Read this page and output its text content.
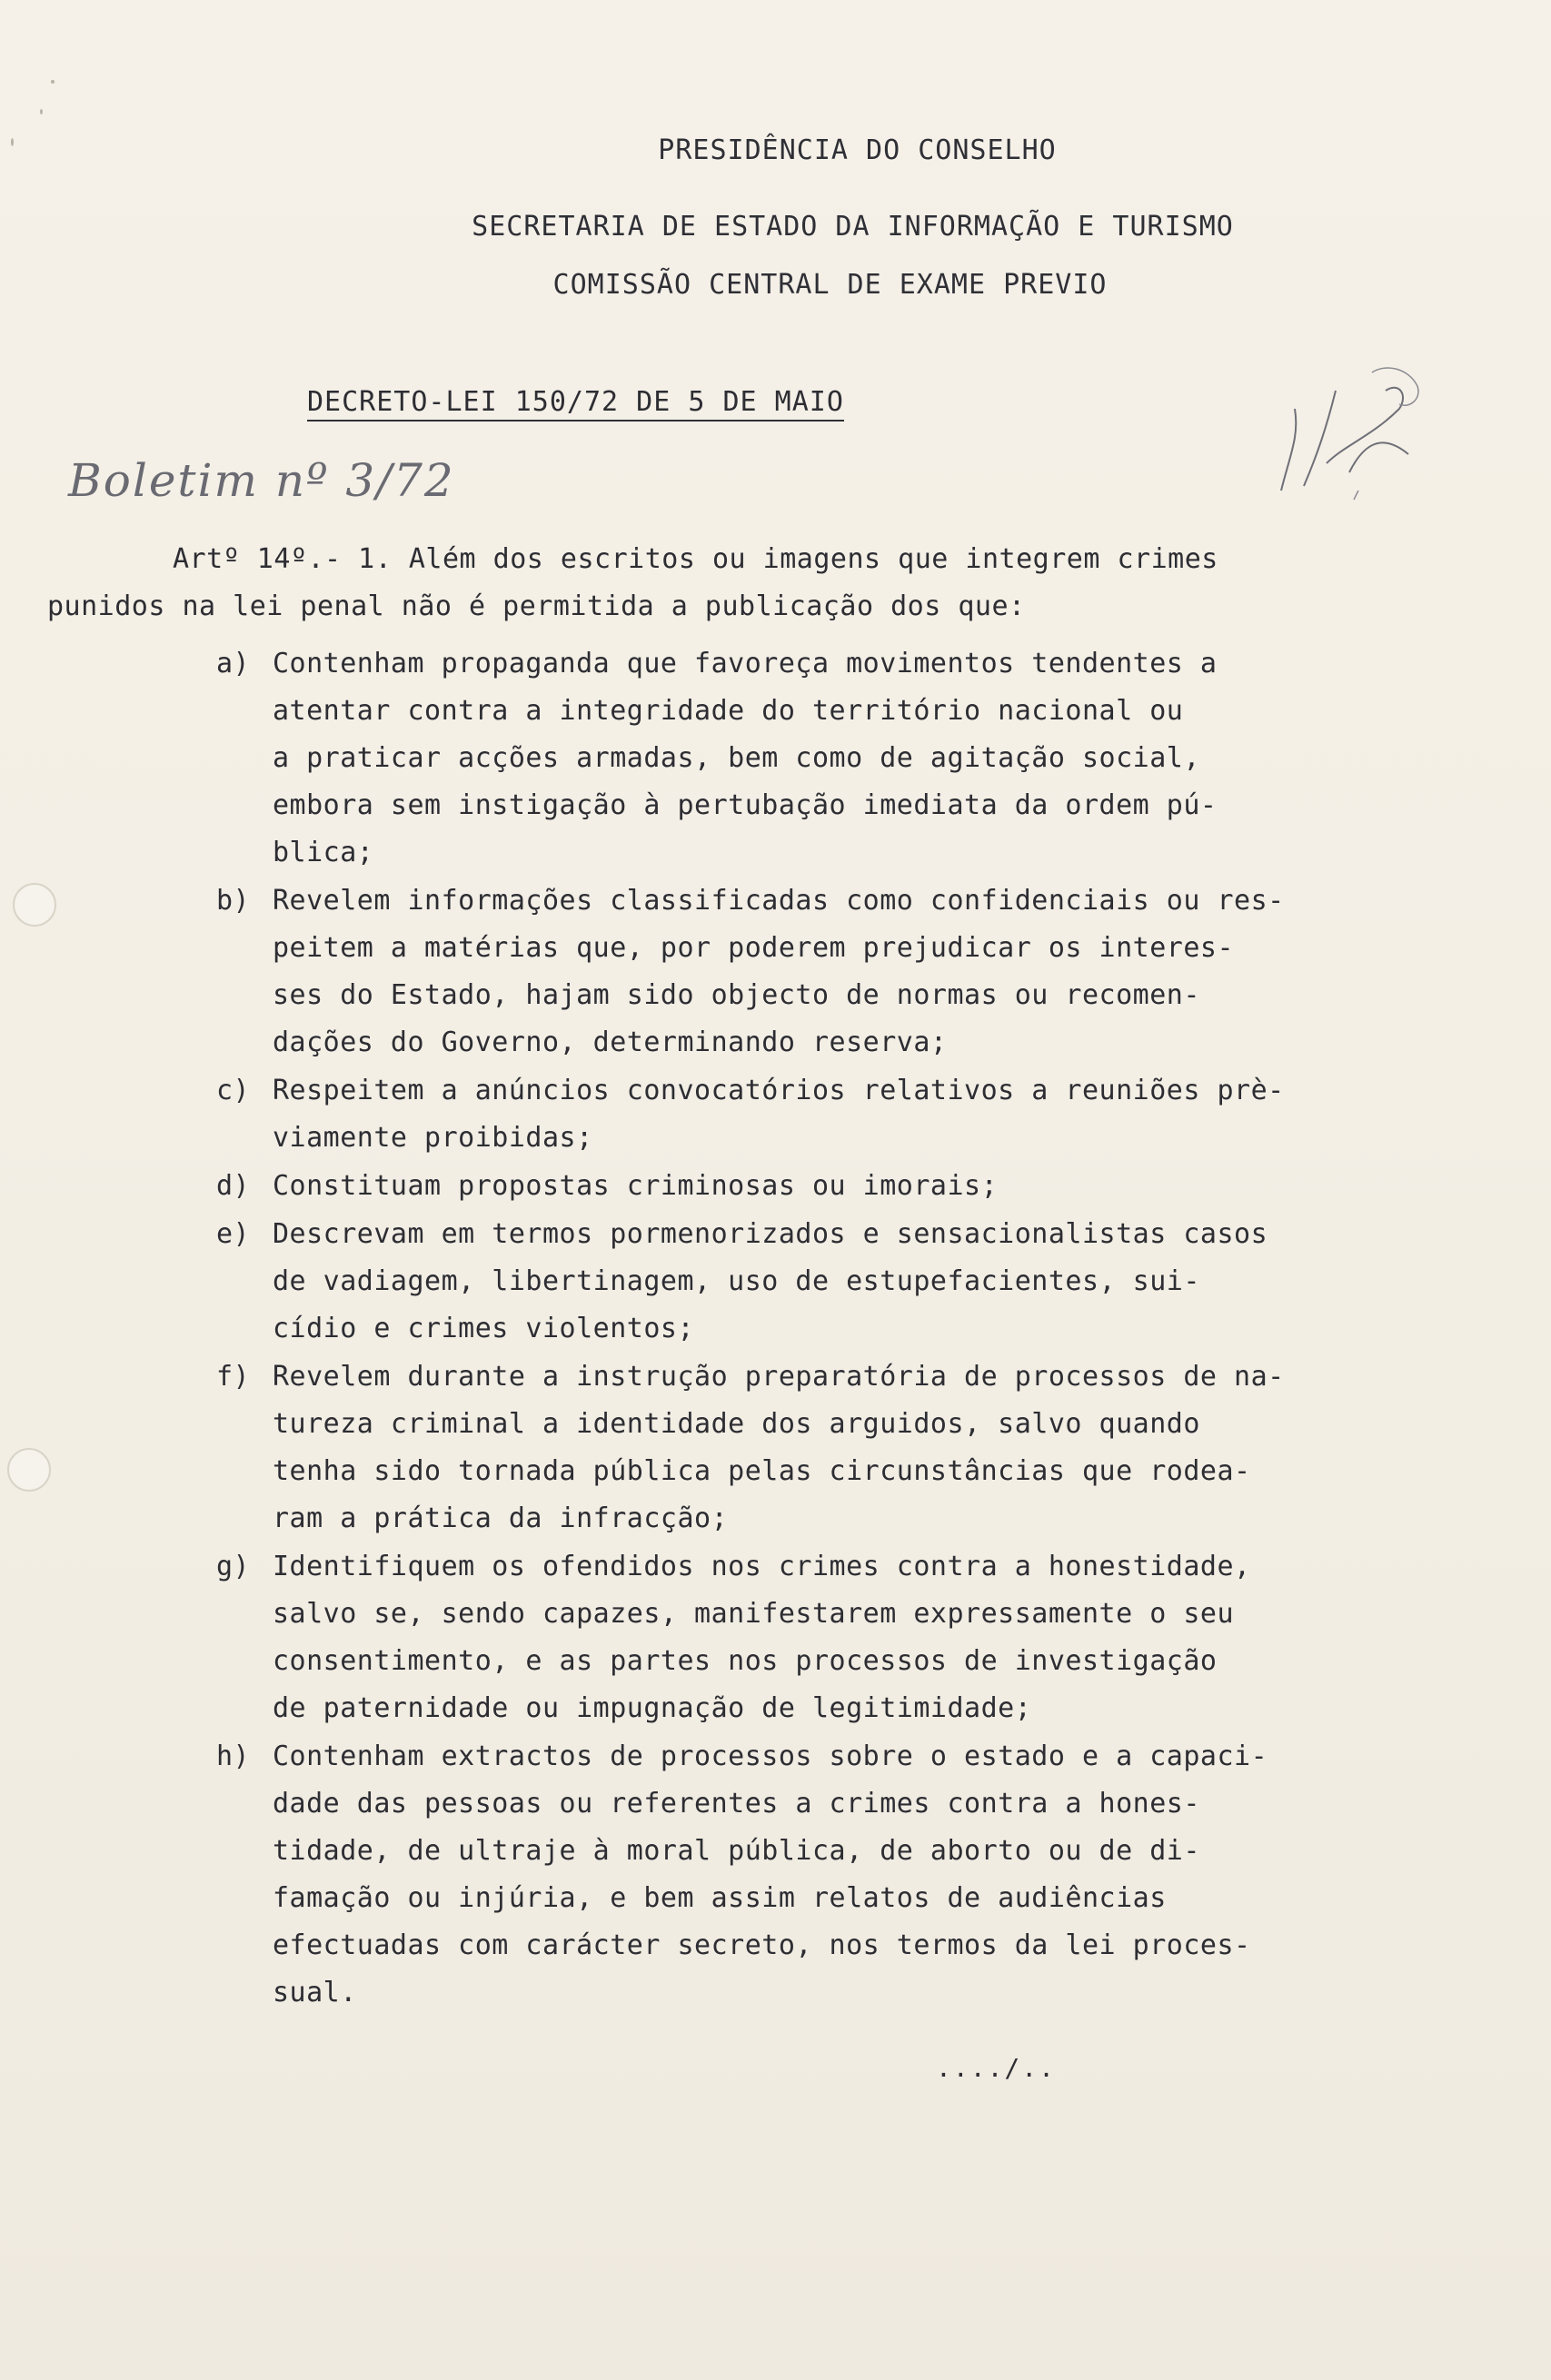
PRESIDÊNCIA DO CONSELHO
SECRETARIA DE ESTADO DA INFORMAÇÃO E TURISMO
COMISSÃO CENTRAL DE EXAME PREVIO
DECRETO-LEI 150/72 DE 5 DE MAIO
Boletim nº 3/72
Artº 14º.- 1. Além dos escritos ou imagens que integrem crimes
punidos na lei penal não é permitida a publicação dos que:
a) Contenham propaganda que favoreça movimentos tendentes a
atentar contra a integridade do território nacional ou
a praticar acções armadas, bem como de agitação social,
embora sem instigação à pertubação imediata da ordem pú-
blica;
b) Revelem informações classificadas como confidenciais ou res-
peitem a matérias que, por poderem prejudicar os interes-
ses do Estado, hajam sido objecto de normas ou recomen-
dações do Governo, determinando reserva;
c) Respeitem a anúncios convocatórios relativos a reuniões prè-
viamente proibidas;
d) Constituam propostas criminosas ou imorais;
e) Descrevam em termos pormenorizados e sensacionalistas casos
de vadiagem, libertinagem, uso de estupefacientes, sui-
cídio e crimes violentos;
f) Revelem durante a instrução preparatória de processos de na-
tureza criminal a identidade dos arguidos, salvo quando
tenha sido tornada pública pelas circunstâncias que rodea-
ram a prática da infracção;
g) Identifiquem os ofendidos nos crimes contra a honestidade,
salvo se, sendo capazes, manifestarem expressamente o seu
consentimento, e as partes nos processos de investigação
de paternidade ou impugnação de legitimidade;
h) Contenham extractos de processos sobre o estado e a capaci-
dade das pessoas ou referentes a crimes contra a hones-
tidade, de ultraje à moral pública, de aborto ou de di-
famação ou injúria, e bem assim relatos de audiências
efectuadas com carácter secreto, nos termos da lei proces-
sual.
..../..
